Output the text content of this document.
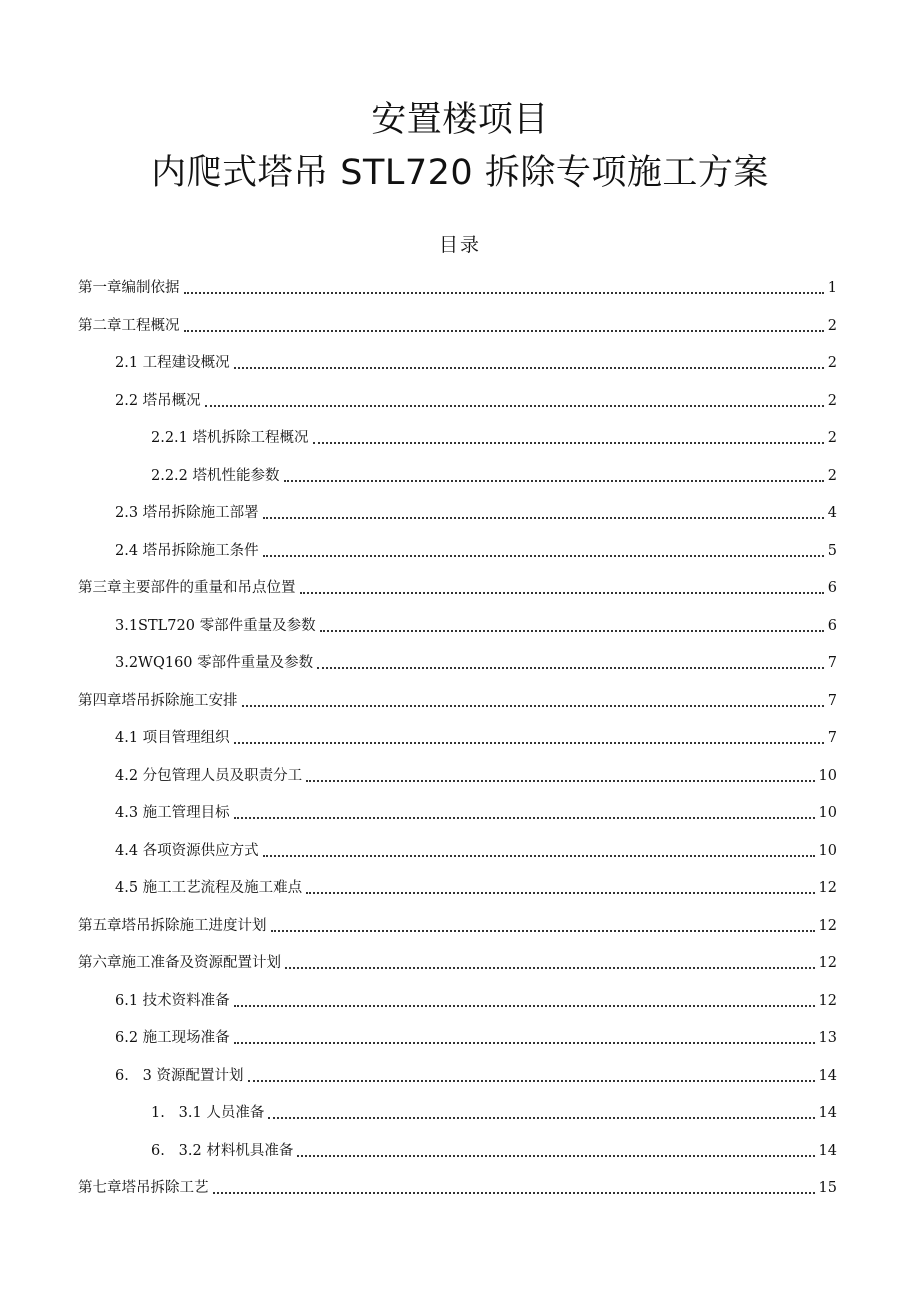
安置楼项目
内爬式塔吊 STL720 拆除专项施工方案
目录
第一章编制依据	1
第二章工程概况	2
2.1 工程建设概况	2
2.2 塔吊概况	2
2.2.1 塔机拆除工程概况	2
2.2.2 塔机性能参数	2
2.3 塔吊拆除施工部署	4
2.4 塔吊拆除施工条件	5
第三章主要部件的重量和吊点位置	6
3.1STL720 零部件重量及参数	6
3.2WQ160 零部件重量及参数	7
第四章塔吊拆除施工安排	7
4.1 项目管理组织	7
4.2 分包管理人员及职责分工	10
4.3 施工管理目标	10
4.4 各项资源供应方式	10
4.5 施工工艺流程及施工难点	12
第五章塔吊拆除施工进度计划	12
第六章施工准备及资源配置计划	12
6.1 技术资料准备	12
6.2 施工现场准备	13
6.   3 资源配置计划	14
1.   3.1 人员准备	14
6.   3.2 材料机具准备	14
第七章塔吊拆除工艺	15
